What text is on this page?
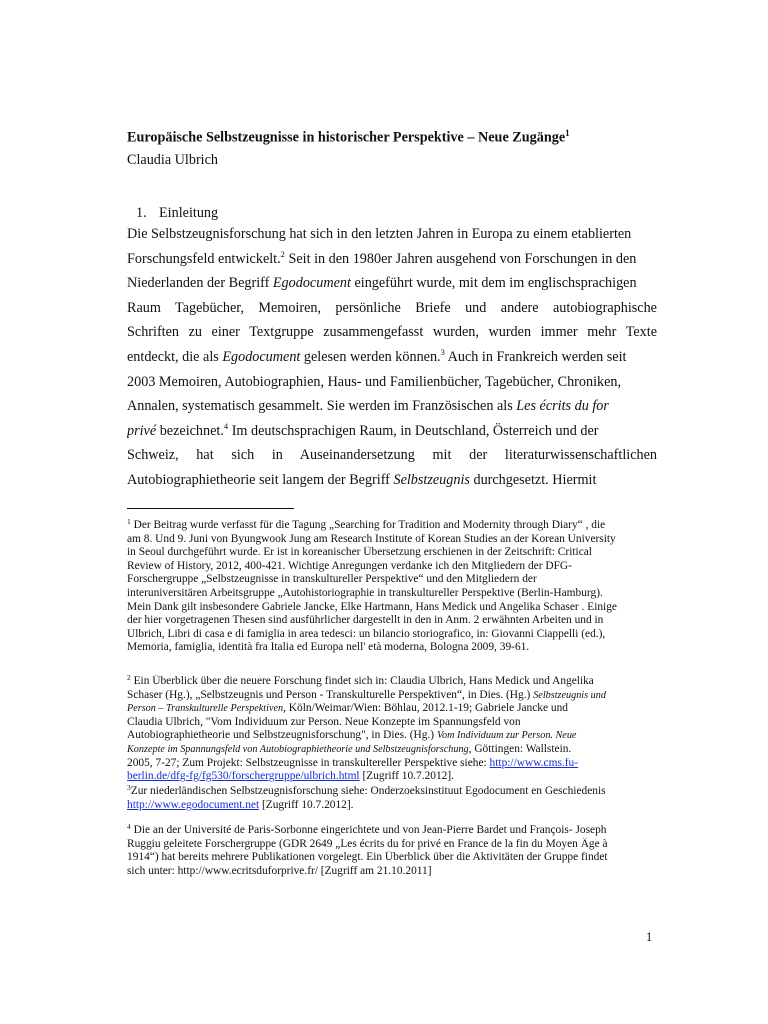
Europäische Selbstzeugnisse in historischer Perspektive – Neue Zugänge$^1$
Claudia Ulbrich
1. Einleitung
Die Selbstzeugnisforschung hat sich in den letzten Jahren in Europa zu einem etablierten
Forschungsfeld entwickelt.$^2$ Seit in den 1980er Jahren ausgehend von Forschungen in den
Niederlanden der Begriff Egodocument eingeführt wurde, mit dem im englischsprachigen
Raum Tagebücher, Memoiren, persönliche Briefe und andere autobiographische
Schriften zu einer Textgruppe zusammengefasst wurden, wurden immer mehr Texte
entdeckt, die als Egodocument gelesen werden können.$^3$ Auch in Frankreich werden seit
2003 Memoiren, Autobiographien, Haus- und Familienbücher, Tagebücher, Chroniken,
Annalen, systematisch gesammelt. Sie werden im Französischen als Les écrits du for
privé bezeichnet.$^4$ Im deutschsprachigen Raum, in Deutschland, Österreich und der
Schweiz, hat sich in Auseinandersetzung mit der literaturwissenschaftlichen
Autobiographietheorie seit langem der Begriff Selbstzeugnis durchgesetzt. Hiermit
$^1$ Der Beitrag wurde verfasst für die Tagung „Searching for Tradition and Modernity through Diary“ , die
am 8. Und 9. Juni von Byungwook Jung am Research Institute of Korean Studies an der Korean University
in Seoul durchgeführt wurde. Er ist in koreanischer Übersetzung erschienen in der Zeitschrift: Critical
Review of History, 2012, 400-421. Wichtige Anregungen verdanke ich den Mitgliedern der DFG-
Forschergruppe „Selbstzeugnisse in transkultureller Perspektive“ und den Mitgliedern der
interuniversitären Arbeitsgruppe „Autohistoriographie in transkultureller Perspektive (Berlin-Hamburg).
Mein Dank gilt insbesondere Gabriele Jancke, Elke Hartmann, Hans Medick und Angelika Schaser . Einige
der hier vorgetragenen Thesen sind ausführlicher dargestellt in den in Anm. 2 erwähnten Arbeiten und in
Ulbrich, Libri di casa e di famiglia in area tedesci: un bilancio storiografico, in: Giovanni Ciappelli (ed.),
Memoria, famiglia, identità fra Italia ed Europa nell' età moderna, Bologna 2009, 39-61.
$^2$ Ein Überblick über die neuere Forschung findet sich in: Claudia Ulbrich, Hans Medick und Angelika
Schaser (Hg.), „Selbstzeugnis und Person - Transkulturelle Perspektiven“, in Dies. (Hg.) Selbstzeugnis und
Person – Transkulturelle Perspektiven, Köln/Weimar/Wien: Böhlau, 2012.1-19; Gabriele Jancke und
Claudia Ulbrich, "Vom Individuum zur Person. Neue Konzepte im Spannungsfeld von
Autobiographietheorie und Selbstzeugnisforschung", in Dies. (Hg.) Vom Individuum zur Person. Neue
Konzepte im Spannungsfeld von Autobiographietheorie und Selbstzeugnisforschung, Göttingen: Wallstein.
2005, 7-27; Zum Projekt: Selbstzeugnisse in transkultereller Perspektive siehe: http://www.cms.fu-
berlin.de/dfg-fg/fg530/forschergruppe/ulbrich.html [Zugriff 10.7.2012].
$^3$Zur niederländischen Selbstzeugnisforschung siehe: Onderzoeksinstituut Egodocument en Geschiedenis
http://www.egodocument.net [Zugriff 10.7.2012].
$^4$ Die an der Université de Paris-Sorbonne eingerichtete und von Jean-Pierre Bardet und François- Joseph
Ruggiu geleitete Forschergruppe (GDR 2649 „Les écrits du for privé en France de la fin du Moyen Âge à
1914“) hat bereits mehrere Publikationen vorgelegt. Ein Überblick über die Aktivitäten der Gruppe findet
sich unter: http://www.ecritsduforprive.fr/ [Zugriff am 21.10.2011]
1
